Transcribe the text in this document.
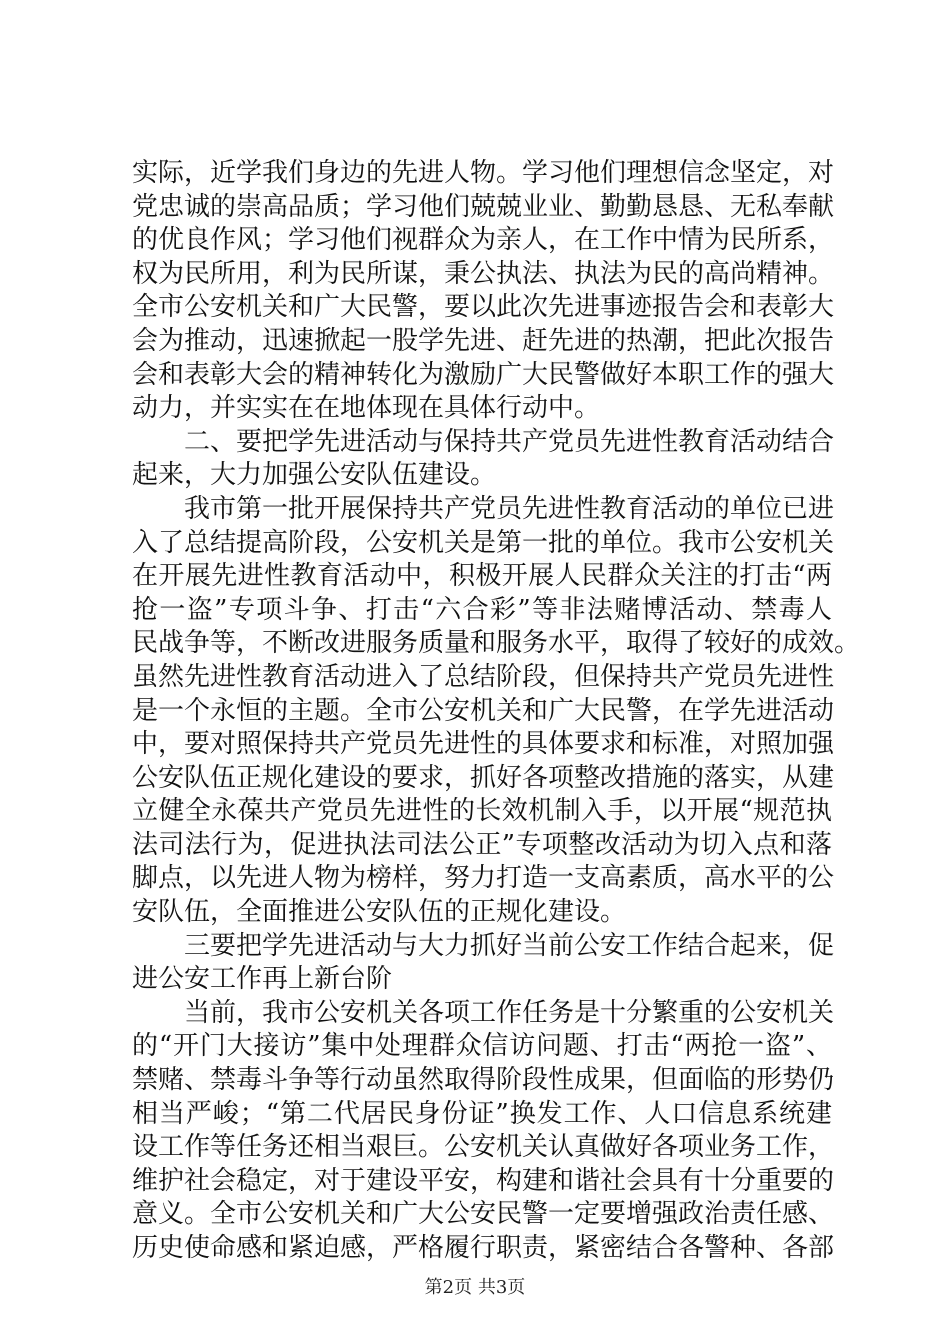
实际，近学我们身边的先进人物。学习他们理想信念坚定，对
党忠诚的崇高品质；学习他们兢兢业业、勤勤恳恳、无私奉献
的优良作风；学习他们视群众为亲人，在工作中情为民所系，
权为民所用，利为民所谋，秉公执法、执法为民的高尚精神。
全市公安机关和广大民警，要以此次先进事迹报告会和表彰大
会为推动，迅速掀起一股学先进、赶先进的热潮，把此次报告
会和表彰大会的精神转化为激励广大民警做好本职工作的强大
动力，并实实在在地体现在具体行动中。
　　二、要把学先进活动与保持共产党员先进性教育活动结合
起来，大力加强公安队伍建设。
　　我市第一批开展保持共产党员先进性教育活动的单位已进
入了总结提高阶段，公安机关是第一批的单位。我市公安机关
在开展先进性教育活动中，积极开展人民群众关注的打击“两
抢一盗”专项斗争、打击“六合彩”等非法赌博活动、禁毒人
民战争等，不断改进服务质量和服务水平，取得了较好的成效。
虽然先进性教育活动进入了总结阶段，但保持共产党员先进性
是一个永恒的主题。全市公安机关和广大民警，在学先进活动
中，要对照保持共产党员先进性的具体要求和标准，对照加强
公安队伍正规化建设的要求，抓好各项整改措施的落实，从建
立健全永葆共产党员先进性的长效机制入手，以开展“规范执
法司法行为，促进执法司法公正”专项整改活动为切入点和落
脚点，以先进人物为榜样，努力打造一支高素质，高水平的公
安队伍，全面推进公安队伍的正规化建设。
　　三要把学先进活动与大力抓好当前公安工作结合起来，促
进公安工作再上新台阶
　　当前，我市公安机关各项工作任务是十分繁重的公安机关
的“开门大接访”集中处理群众信访问题、打击“两抢一盗”、
禁赌、禁毒斗争等行动虽然取得阶段性成果，但面临的形势仍
相当严峻；“第二代居民身份证”换发工作、人口信息系统建
设工作等任务还相当艰巨。公安机关认真做好各项业务工作，
维护社会稳定，对于建设平安，构建和谐社会具有十分重要的
意义。全市公安机关和广大公安民警一定要增强政治责任感、
历史使命感和紧迫感，严格履行职责，紧密结合各警种、各部
第2页 共3页
